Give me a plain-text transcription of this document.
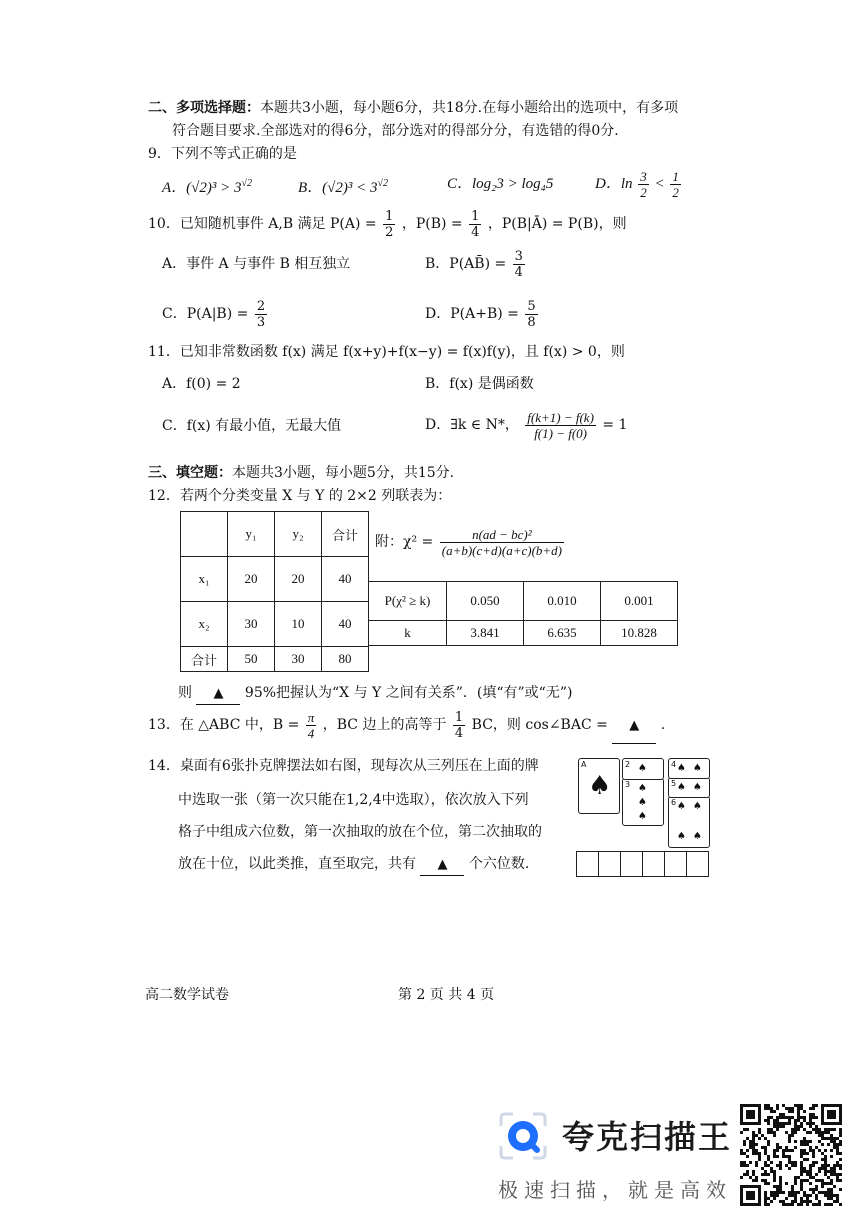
二、多项选择题：本题共3小题，每小题6分，共18分.在每小题给出的选项中，有多项
符合题目要求.全部选对的得6分，部分选对的得部分分，有选错的得0分.
9．下列不等式正确的是
A．$(√2)^3 > 3^{√2}$	B．$(√2)^3 < 3^{√2}$	C．log₂3 > log₄5	D．$\ln \frac{3}{2} < \frac{1}{2}$
10．已知随机事件 A,B 满足 $P(A) = \frac{1}{2}$ ，$P(B) = \frac{1}{4}$ ，P(B|Ā) = P(B)，则
A．事件 A 与事件 B 相互独立	B．P(AB̄) = $\frac{3}{4}$
C．$P(A|B) = \frac{2}{3}$	D．$P(A+B) = \frac{5}{8}$
11．已知非常数函数 f(x) 满足 f(x+y)+f(x−y) = f(x)f(y)，且 f(x) > 0，则
A．f(0) = 2	B．f(x) 是偶函数
C．f(x) 有最小值，无最大值	D．∃k ∈ N*， $\frac{f(k+1) - f(k)}{f(1) - f(0)} = 1$
三、填空题：本题共3小题，每小题5分，共15分.
12．若两个分类变量 X 与 Y 的 2×2 列联表为：
	y₁	y₂	合计
x₁	20	20	40
x₂	30	10	40
合计	50	30	80
附：$\chi^2 = \frac{\text{n(ad − bc)²}}{(a+b)(c+d)(a+c)(b+d)}$
P(χ² ≥ k)	0.050	0.010	0.001
k	3.841	6.635	10.828
则 ▲ 95%把握认为“X 与 Y 之间有关系”．(填“有”或“无”)
13．在 △ABC 中，$B = \frac{\pi}{4}$ ，BC 边上的高等于 $\frac{1}{4}$ BC，则 cos∠BAC = ▲ .
14．桌面有6张扑克牌摆法如右图，现每次从三列压在上面的牌
中选取一张（第一次只能在1,2,4中选取），依次放入下列
格子中组成六位数，第一次抽取的放在个位，第二次抽取的
放在十位，以此类推，直至取完，共有 ▲ 个六位数.
A
♠ 3 ♠
♠
♠
2 ♠
6 ♠ ♠
♠ ♠
5 ♠ ♠
4 ♠ ♠
高二数学试卷	第 2 页 共 4 页
夸克扫描王
极速扫描，就是高效
